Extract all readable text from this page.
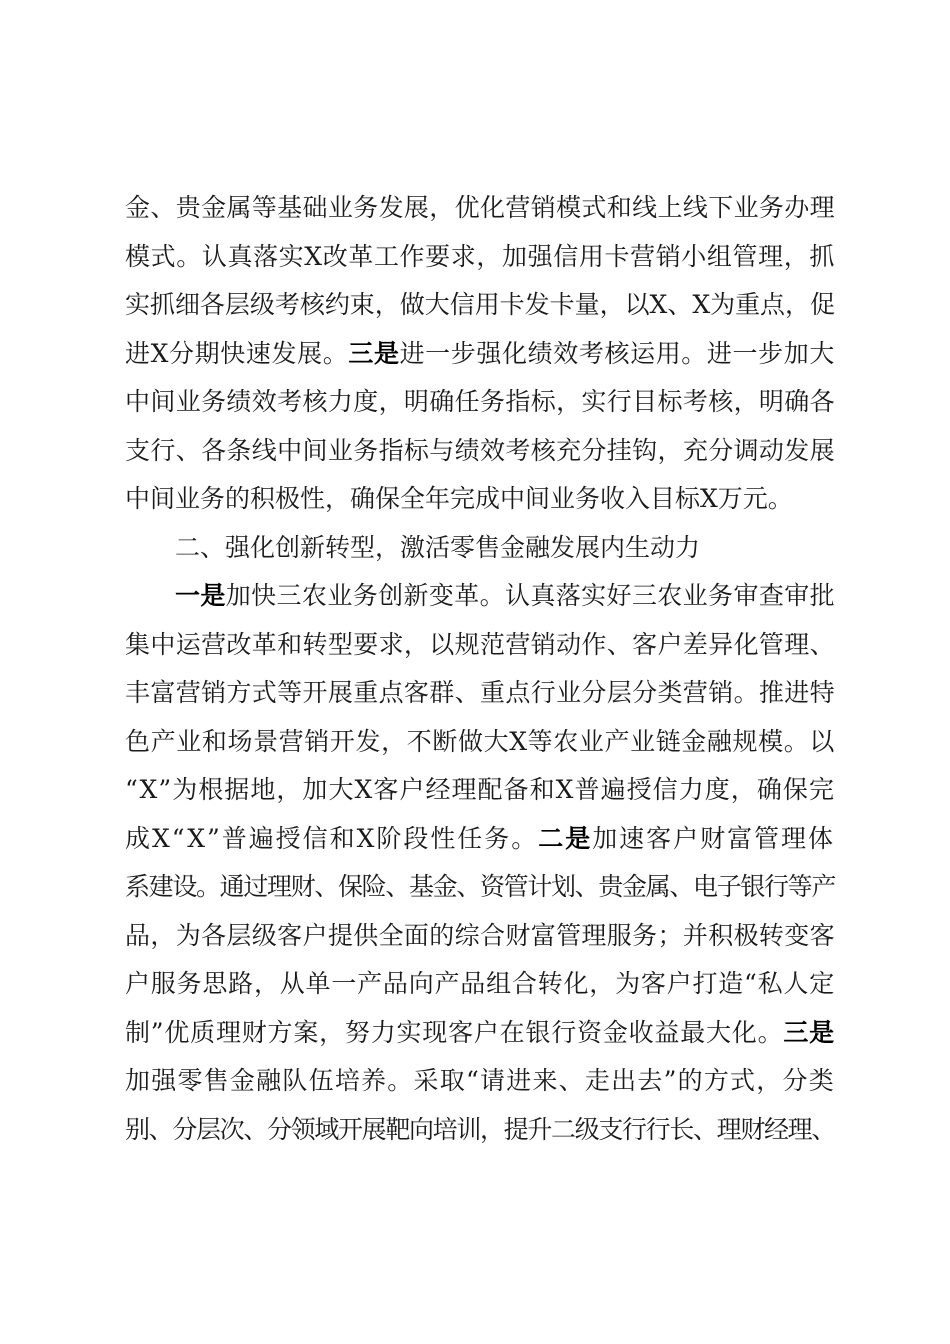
金、贵金属等基础业务发展，优化营销模式和线上线下业务办理
模式。认真落实X改革工作要求，加强信用卡营销小组管理，抓
实抓细各层级考核约束，做大信用卡发卡量，以X、X为重点，促
进X分期快速发展。 三是 进一步强化绩效考核运用。进一步加大
中间业务绩效考核力度，明确任务指标，实行目标考核，明确各
支行、各条线中间业务指标与绩效考核充分挂钩，充分调动发展
中间业务的积极性，确保全年完成中间业务收入目标X万元。
二、强化创新转型，激活零售金融发展内生动力
一是 加快三农业务创新变革。认真落实好三农业务审查审批
集中运营改革和转型要求，以规范营销动作、客户差异化管理、
丰富营销方式等开展重点客群、重点行业分层分类营销。推进特
色产业和场景营销开发，不断做大X等农业产业链金融规模。以
“X”为根据地，加大X客户经理配备和X普遍授信力度，确保完
成X“X”普遍授信和X阶段性任务。 二是 加速客户财富管理体
系建设。通过理财、保险、基金、资管计划、贵金属、电子银行等产
品，为各层级客户提供全面的综合财富管理服务；并积极转变客
户服务思路，从单一产品向产品组合转化，为客户打造“私人定
制”优质理财方案，努力实现客户在银行资金收益最大化。 三是
加强零售金融队伍培养。采取“请进来、走出去”的方式，分类
别、分层次、分领域开展靶向培训，提升二级支行行长、理财经理、
